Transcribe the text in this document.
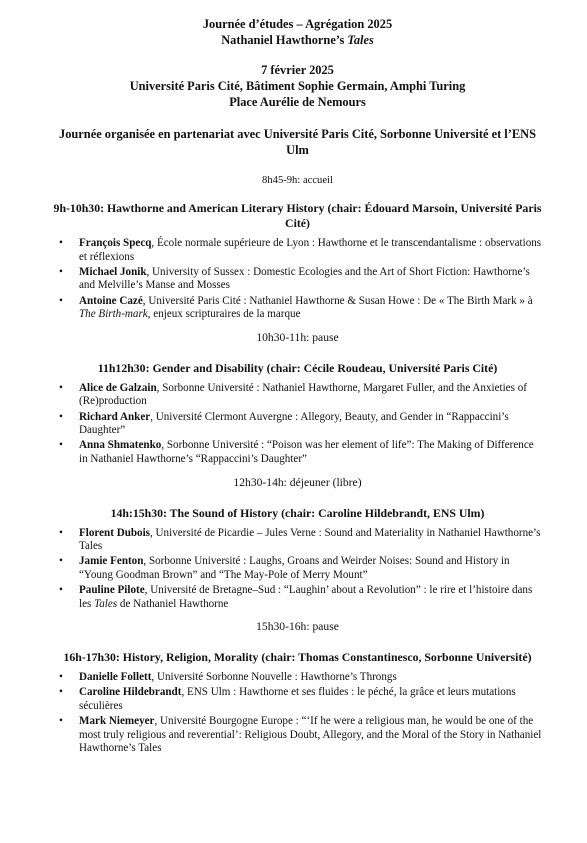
Journée d’études – Agrégation 2025
Nathaniel Hawthorne’s Tales
7 février 2025
Université Paris Cité, Bâtiment Sophie Germain, Amphi Turing
Place Aurélie de Nemours
Journée organisée en partenariat avec Université Paris Cité, Sorbonne Université et l’ENS Ulm
8h45-9h: accueil
9h-10h30: Hawthorne and American Literary History (chair: Édouard Marsoin, Université Paris Cité)
• François Specq, École normale supérieure de Lyon : Hawthorne et le transcendantalisme : observations et réflexions
• Michael Jonik, University of Sussex : Domestic Ecologies and the Art of Short Fiction: Hawthorne’s and Melville’s Manse and Mosses
• Antoine Cazé, Université Paris Cité : Nathaniel Hawthorne & Susan Howe : De « The Birth Mark » à The Birth-mark, enjeux scripturaires de la marque
10h30-11h: pause
11h12h30: Gender and Disability (chair: Cécile Roudeau, Université Paris Cité)
• Alice de Galzain, Sorbonne Université : Nathaniel Hawthorne, Margaret Fuller, and the Anxieties of (Re)production
• Richard Anker, Université Clermont Auvergne : Allegory, Beauty, and Gender in “Rappaccini’s Daughter”
• Anna Shmatenko, Sorbonne Université : “Poison was her element of life”: The Making of Difference in Nathaniel Hawthorne’s “Rappaccini’s Daughter”
12h30-14h: déjeuner (libre)
14h:15h30: The Sound of History (chair: Caroline Hildebrandt, ENS Ulm)
• Florent Dubois, Université de Picardie – Jules Verne : Sound and Materiality in Nathaniel Hawthorne’s Tales
• Jamie Fenton, Sorbonne Université : Laughs, Groans and Weirder Noises: Sound and History in “Young Goodman Brown” and “The May-Pole of Merry Mount”
• Pauline Pilote, Université de Bretagne–Sud : “Laughin’ about a Revolution” : le rire et l’histoire dans les Tales de Nathaniel Hawthorne
15h30-16h: pause
16h-17h30: History, Religion, Morality (chair: Thomas Constantinesco, Sorbonne Université)
• Danielle Follett, Université Sorbonne Nouvelle : Hawthorne’s Throngs
• Caroline Hildebrandt, ENS Ulm : Hawthorne et ses fluides : le péché, la grâce et leurs mutations séculières
• Mark Niemeyer, Université Bourgogne Europe : “‘If he were a religious man, he would be one of the most truly religious and reverential’: Religious Doubt, Allegory, and the Moral of the Story in Nathaniel Hawthorne’s Tales
